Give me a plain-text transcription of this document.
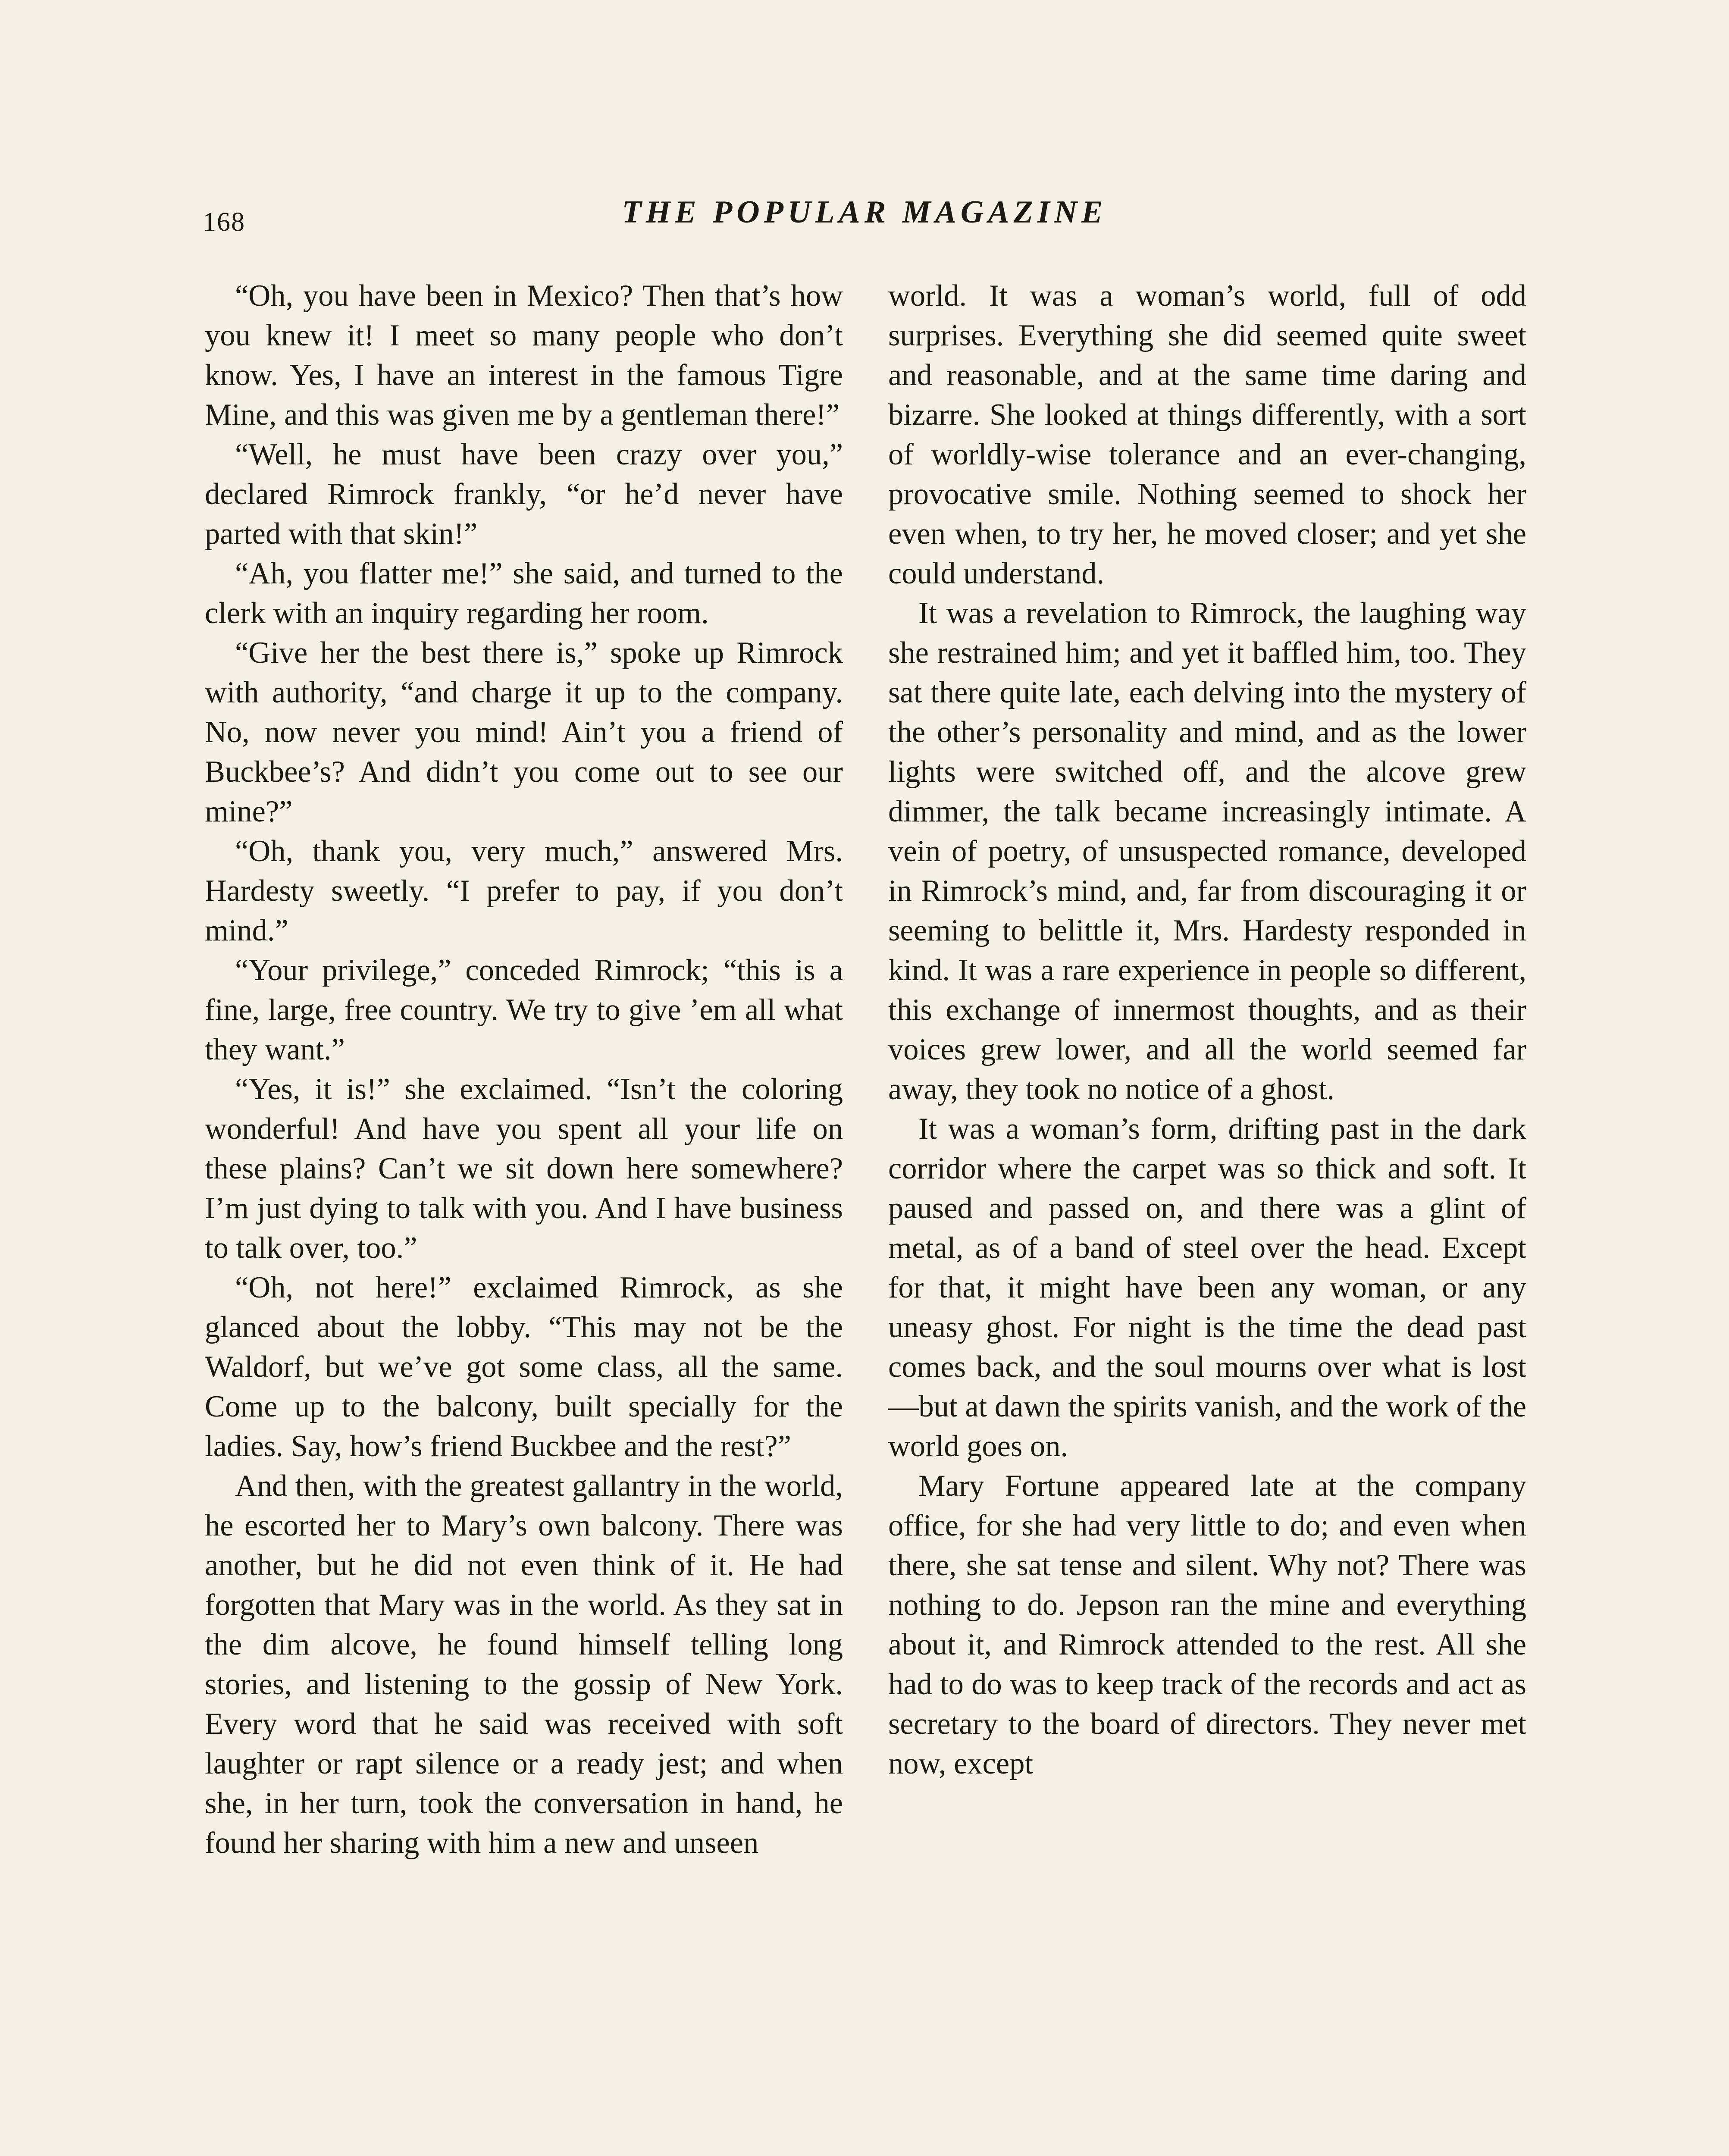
168	THE POPULAR MAGAZINE

“Oh, you have been in Mexico? Then that’s how you knew it! I meet so many people who don’t know. Yes, I have an interest in the famous Tigre Mine, and this was given me by a gentleman there!”

“Well, he must have been crazy over you,” declared Rimrock frankly, “or he’d never have parted with that skin!”

“Ah, you flatter me!” she said, and turned to the clerk with an inquiry regarding her room.

“Give her the best there is,” spoke up Rimrock with authority, “and charge it up to the company. No, now never you mind! Ain’t you a friend of Buckbee’s? And didn’t you come out to see our mine?”

“Oh, thank you, very much,” answered Mrs. Hardesty sweetly. “I prefer to pay, if you don’t mind.”

“Your privilege,” conceded Rimrock; “this is a fine, large, free country. We try to give ’em all what they want.”

“Yes, it is!” she exclaimed. “Isn’t the coloring wonderful! And have you spent all your life on these plains? Can’t we sit down here somewhere? I’m just dying to talk with you. And I have business to talk over, too.”

“Oh, not here!” exclaimed Rimrock, as she glanced about the lobby. “This may not be the Waldorf, but we’ve got some class, all the same. Come up to the balcony, built specially for the ladies. Say, how’s friend Buckbee and the rest?”

And then, with the greatest gallantry in the world, he escorted her to Mary’s own balcony. There was another, but he did not even think of it. He had forgotten that Mary was in the world. As they sat in the dim alcove, he found himself telling long stories, and listening to the gossip of New York. Every word that he said was received with soft laughter or rapt silence or a ready jest; and when she, in her turn, took the conversation in hand, he found her sharing with him a new and unseen

world. It was a woman’s world, full of odd surprises. Everything she did seemed quite sweet and reasonable, and at the same time daring and bizarre. She looked at things differently, with a sort of worldly-wise tolerance and an ever-changing, provocative smile. Nothing seemed to shock her even when, to try her, he moved closer; and yet she could understand.

It was a revelation to Rimrock, the laughing way she restrained him; and yet it baffled him, too. They sat there quite late, each delving into the mystery of the other’s personality and mind, and as the lower lights were switched off, and the alcove grew dimmer, the talk became increasingly intimate. A vein of poetry, of unsuspected romance, developed in Rimrock’s mind, and, far from discouraging it or seeming to belittle it, Mrs. Hardesty responded in kind. It was a rare experience in people so different, this exchange of innermost thoughts, and as their voices grew lower, and all the world seemed far away, they took no notice of a ghost.

It was a woman’s form, drifting past in the dark corridor where the carpet was so thick and soft. It paused and passed on, and there was a glint of metal, as of a band of steel over the head. Except for that, it might have been any woman, or any uneasy ghost. For night is the time the dead past comes back, and the soul mourns over what is lost—but at dawn the spirits vanish, and the work of the world goes on.

Mary Fortune appeared late at the company office, for she had very little to do; and even when there, she sat tense and silent. Why not? There was nothing to do. Jepson ran the mine and everything about it, and Rimrock attended to the rest. All she had to do was to keep track of the records and act as secretary to the board of directors. They never met now, except
